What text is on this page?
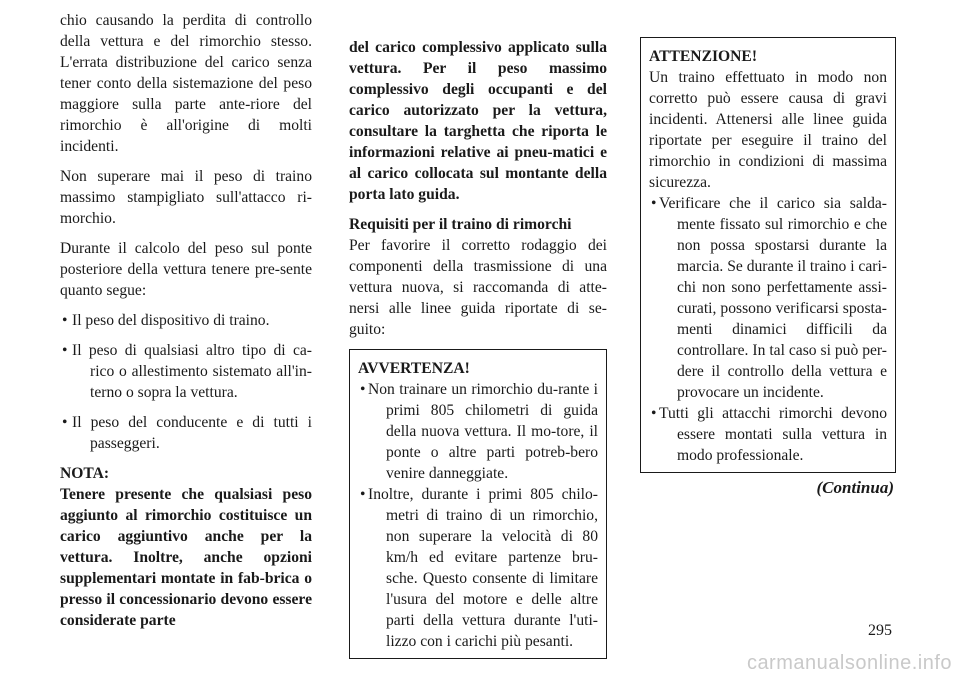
chio causando la perdita di controllo della vettura e del rimorchio stesso. L'errata distribuzione del carico senza tener conto della sistemazione del peso maggiore sulla parte ante-riore del rimorchio è all'origine di molti incidenti.

Non superare mai il peso di traino massimo stampigliato sull'attacco ri-morchio.

Durante il calcolo del peso sul ponte posteriore della vettura tenere pre-sente quanto segue:

• Il peso del dispositivo di traino.
• Il peso di qualsiasi altro tipo di ca-rico o allestimento sistemato all'in-terno o sopra la vettura.
• Il peso del conducente e di tutti i passeggeri.

NOTA:

Tenere presente che qualsiasi peso aggiunto al rimorchio costituisce un carico aggiuntivo anche per la vettura. Inoltre, anche opzioni supplementari montate in fab-brica o presso il concessionario devono essere considerate parte

del carico complessivo applicato sulla vettura. Per il peso massimo complessivo degli occupanti e del carico autorizzato per la vettura, consultare la targhetta che riporta le informazioni relative ai pneu-matici e al carico collocata sul montante della porta lato guida.

Requisiti per il traino di rimorchi

Per favorire il corretto rodaggio dei componenti della trasmissione di una vettura nuova, si raccomanda di atte-nersi alle linee guida riportate di se-guito:

AVVERTENZA!

• Non trainare un rimorchio du-rante i primi 805 chilometri di guida della nuova vettura. Il mo-tore, il ponte o altre parti potreb-bero venire danneggiate.
• Inoltre, durante i primi 805 chilo-metri di traino di un rimorchio, non superare la velocità di 80 km/h ed evitare partenze bru-sche. Questo consente di limitare l'usura del motore e delle altre parti della vettura durante l'uti-lizzo con i carichi più pesanti.

ATTENZIONE!

Un traino effettuato in modo non corretto può essere causa di gravi incidenti. Attenersi alle linee guida riportate per eseguire il traino del rimorchio in condizioni di massima sicurezza.

• Verificare che il carico sia salda-mente fissato sul rimorchio e che non possa spostarsi durante la marcia. Se durante il traino i cari-chi non sono perfettamente assi-curati, possono verificarsi sposta-menti dinamici difficili da controllare. In tal caso si può per-dere il controllo della vettura e provocare un incidente.
• Tutti gli attacchi rimorchi devono essere montati sulla vettura in modo professionale.
(Continua)
295
carmanualsonline.info
